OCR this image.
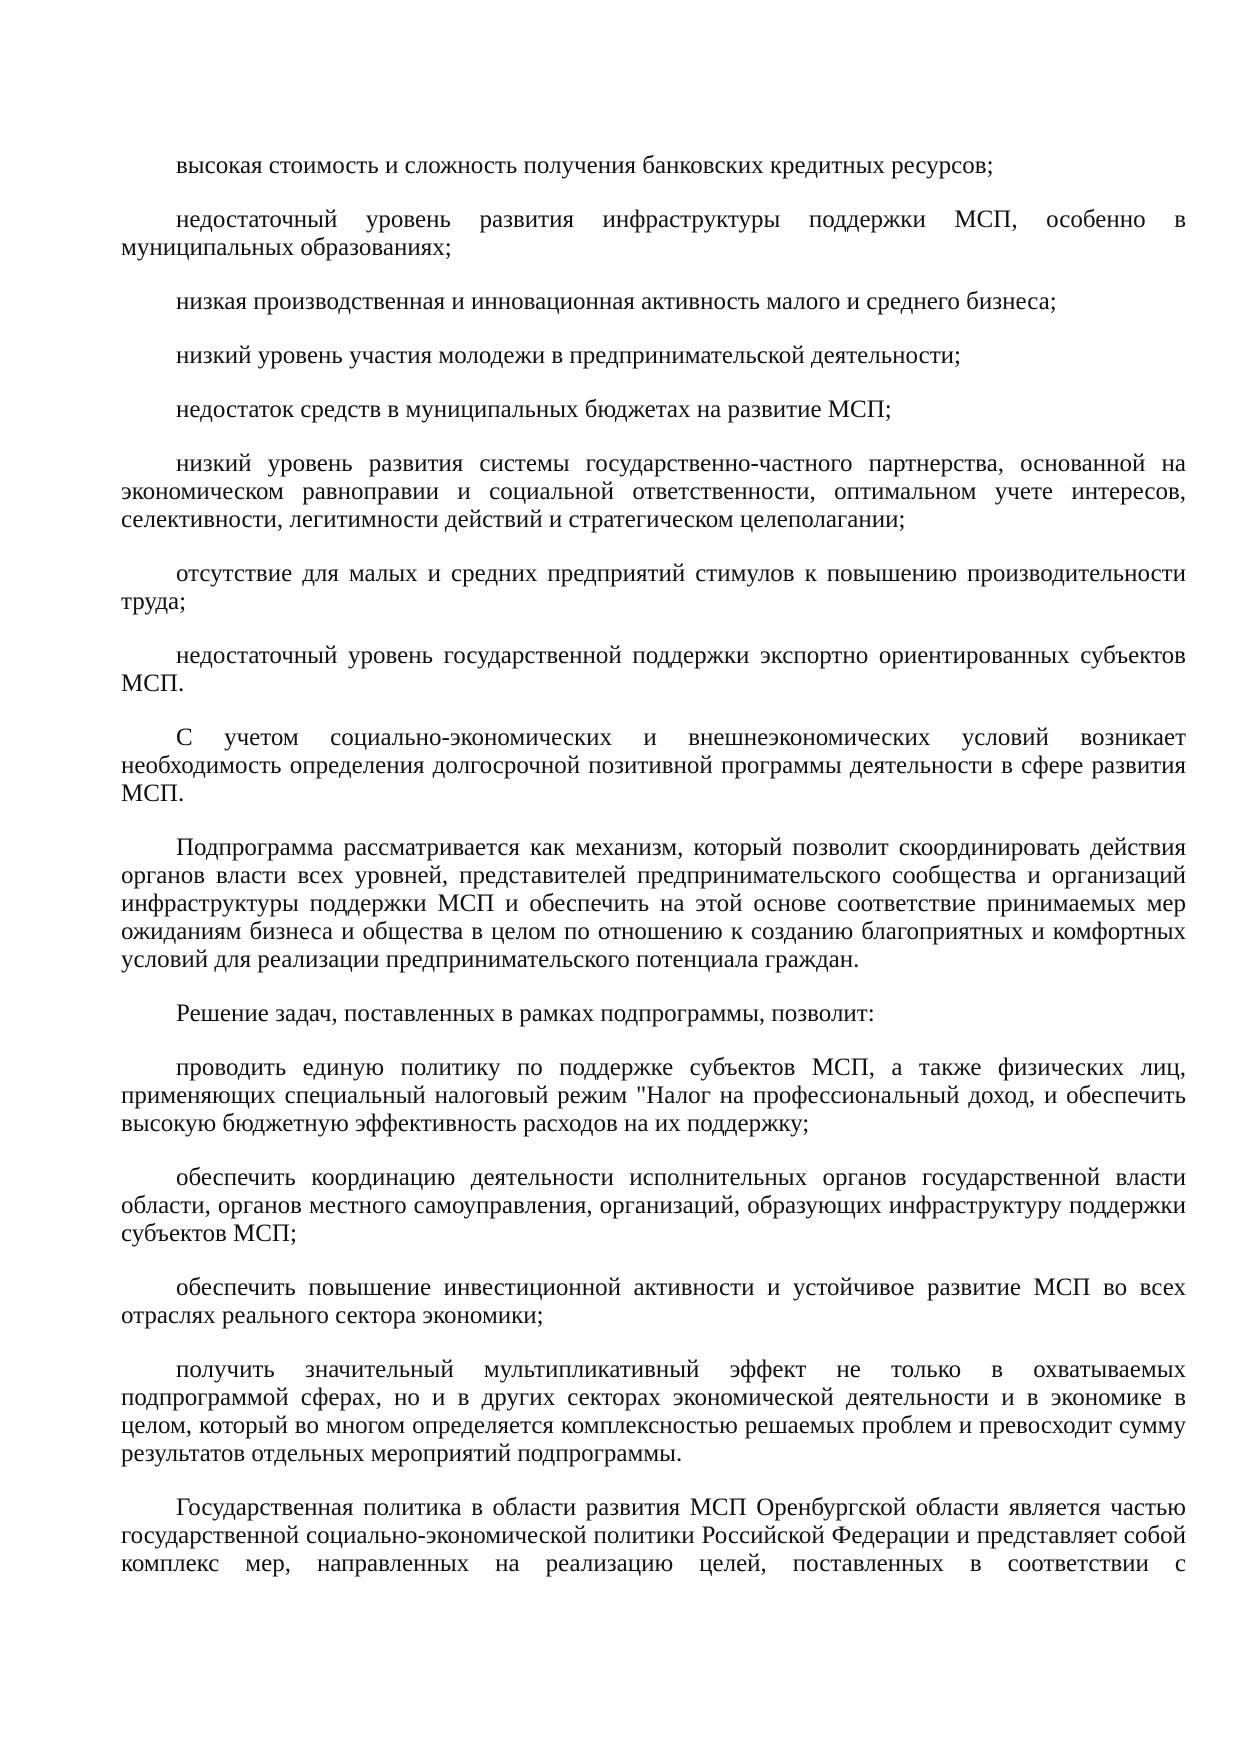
высокая стоимость и сложность получения банковских кредитных ресурсов;

недостаточный уровень развития инфраструктуры поддержки МСП, особенно в муниципальных образованиях;

низкая производственная и инновационная активность малого и среднего бизнеса;

низкий уровень участия молодежи в предпринимательской деятельности;

недостаток средств в муниципальных бюджетах на развитие МСП;

низкий уровень развития системы государственно-частного партнерства, основанной на экономическом равноправии и социальной ответственности, оптимальном учете интересов, селективности, легитимности действий и стратегическом целеполагании;

отсутствие для малых и средних предприятий стимулов к повышению производительности труда;

недостаточный уровень государственной поддержки экспортно ориентированных субъектов МСП.

С учетом социально-экономических и внешнеэкономических условий возникает необходимость определения долгосрочной позитивной программы деятельности в сфере развития МСП.

Подпрограмма рассматривается как механизм, который позволит скоординировать действия органов власти всех уровней, представителей предпринимательского сообщества и организаций инфраструктуры поддержки МСП и обеспечить на этой основе соответствие принимаемых мер ожиданиям бизнеса и общества в целом по отношению к созданию благоприятных и комфортных условий для реализации предпринимательского потенциала граждан.

Решение задач, поставленных в рамках подпрограммы, позволит:

проводить единую политику по поддержке субъектов МСП, а также физических лиц, применяющих специальный налоговый режим "Налог на профессиональный доход, и обеспечить высокую бюджетную эффективность расходов на их поддержку;

обеспечить координацию деятельности исполнительных органов государственной власти области, органов местного самоуправления, организаций, образующих инфраструктуру поддержки субъектов МСП;

обеспечить повышение инвестиционной активности и устойчивое развитие МСП во всех отраслях реального сектора экономики;

получить значительный мультипликативный эффект не только в охватываемых подпрограммой сферах, но и в других секторах экономической деятельности и в экономике в целом, который во многом определяется комплексностью решаемых проблем и превосходит сумму результатов отдельных мероприятий подпрограммы.

Государственная политика в области развития МСП Оренбургской области является частью государственной социально-экономической политики Российской Федерации и представляет собой комплекс мер, направленных на реализацию целей, поставленных в соответствии с
